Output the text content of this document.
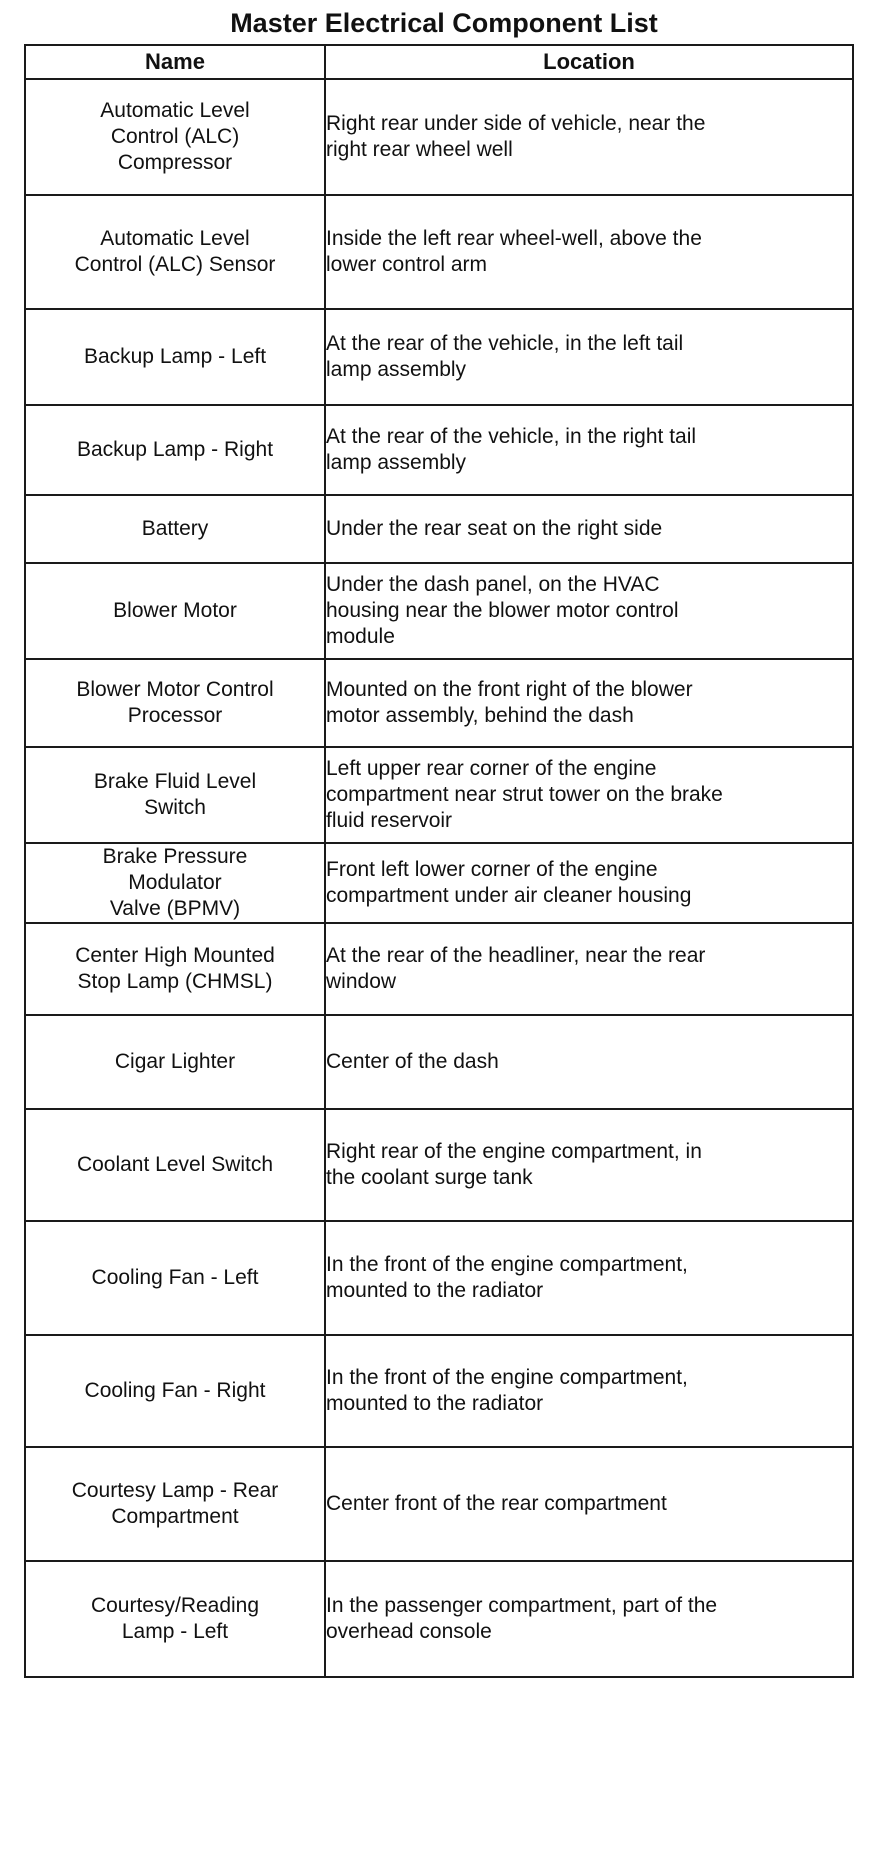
Master Electrical Component List
Name	Location

Automatic Level
Control (ALC)
Compressor	Right rear under side of vehicle, near the
right rear wheel well

Automatic Level
Control (ALC) Sensor	Inside the left rear wheel-well, above the
lower control arm

Backup Lamp - Left	At the rear of the vehicle, in the left tail
lamp assembly

Backup Lamp - Right	At the rear of the vehicle, in the right tail
lamp assembly

Battery	Under the rear seat on the right side

Blower Motor	Under the dash panel, on the HVAC
housing near the blower motor control
module

Blower Motor Control
Processor	Mounted on the front right of the blower
motor assembly, behind the dash

Brake Fluid Level
Switch	Left upper rear corner of the engine
compartment near strut tower on the brake
fluid reservoir

Brake Pressure
Modulator
Valve (BPMV)	Front left lower corner of the engine
compartment under air cleaner housing

Center High Mounted
Stop Lamp (CHMSL)	At the rear of the headliner, near the rear
window

Cigar Lighter	Center of the dash

Coolant Level Switch	Right rear of the engine compartment, in
the coolant surge tank

Cooling Fan - Left	In the front of the engine compartment,
mounted to the radiator

Cooling Fan - Right	In the front of the engine compartment,
mounted to the radiator

Courtesy Lamp - Rear
Compartment	Center front of the rear compartment

Courtesy/Reading
Lamp - Left	In the passenger compartment, part of the
overhead console
